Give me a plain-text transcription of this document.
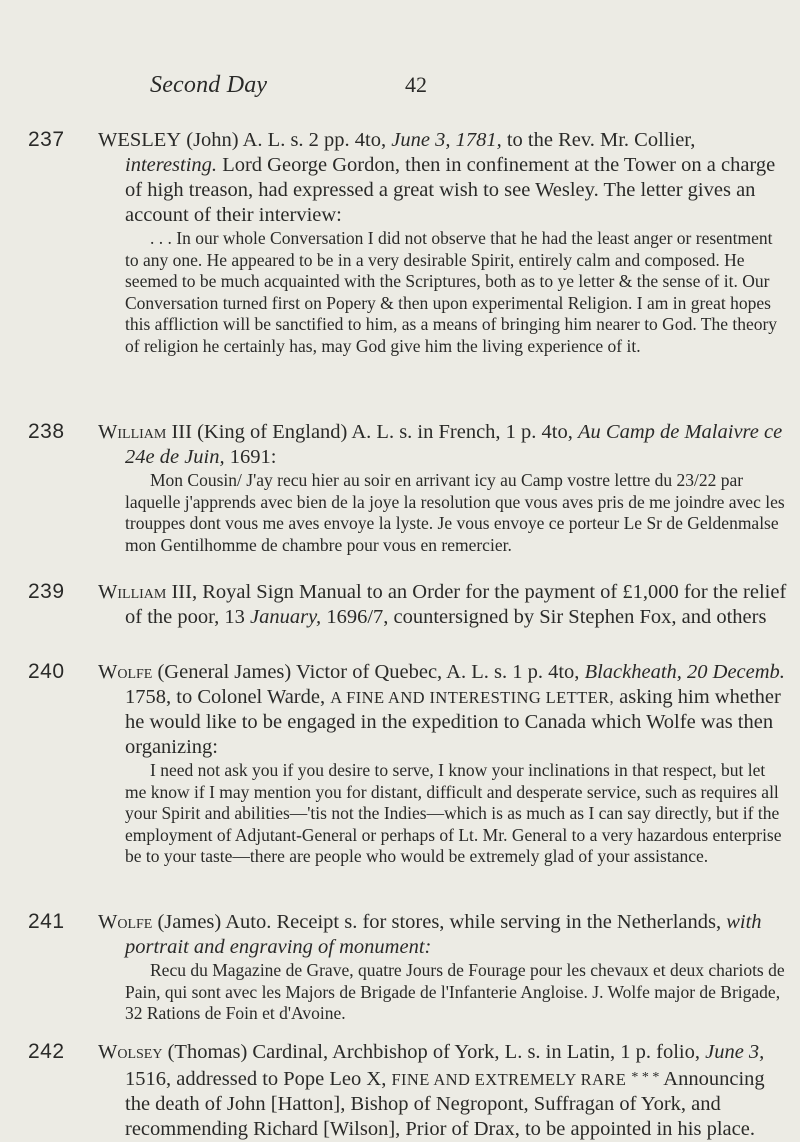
Second Day	42
237 WESLEY (John) A. L. s. 2 pp. 4to, June 3, 1781, to the Rev. Mr. Collier, interesting. Lord George Gordon, then in confinement at the Tower on a charge of high treason, had expressed a great wish to see Wesley. The letter gives an account of their interview:

. . . In our whole Conversation I did not observe that he had the least anger or resentment to any one. He appeared to be in a very desirable Spirit, entirely calm and composed. He seemed to be much acquainted with the Scriptures, both as to ye letter & the sense of it. Our Conversation turned first on Popery & then upon experimental Religion. I am in great hopes this affliction will be sanctified to him, as a means of bringing him nearer to God. The theory of religion he certainly has, may God give him the living experience of it.

238 William III (King of England) A. L. s. in French, 1 p. 4to, Au Camp de Malaivre ce 24e de Juin, 1691:

Mon Cousin/ J'ay recu hier au soir en arrivant icy au Camp vostre lettre du 23/22 par laquelle j'apprends avec bien de la joye la resolution que vous aves pris de me joindre avec les trouppes dont vous me aves envoye la lyste. Je vous envoye ce porteur Le Sr de Geldenmalse mon Gentilhomme de chambre pour vous en remercier.

239 William III, Royal Sign Manual to an Order for the payment of £1,000 for the relief of the poor, 13 January, 1696/7, countersigned by Sir Stephen Fox, and others

240 Wolfe (General James) Victor of Quebec, A. L. s. 1 p. 4to, Blackheath, 20 Decemb. 1758, to Colonel Warde, A FINE AND INTERESTING LETTER, asking him whether he would like to be engaged in the expedition to Canada which Wolfe was then organizing:

I need not ask you if you desire to serve, I know your inclinations in that respect, but let me know if I may mention you for distant, difficult and desperate service, such as requires all your Spirit and abilities—'tis not the Indies—which is as much as I can say directly, but if the employment of Adjutant-General or perhaps of Lt. Mr. General to a very hazardous enterprise be to your taste—there are people who would be extremely glad of your assistance.

241 Wolfe (James) Auto. Receipt s. for stores, while serving in the Netherlands, with portrait and engraving of monument:

Recu du Magazine de Grave, quatre Jours de Fourage pour les chevaux et deux chariots de Pain, qui sont avec les Majors de Brigade de l'Infanterie Angloise. J. Wolfe major de Brigade,

32 Rations de Foin et d'Avoine.

242 Wolsey (Thomas) Cardinal, Archbishop of York, L. s. in Latin, 1 p. folio, June 3, 1516, addressed to Pope Leo X, FINE AND EXTREMELY RARE * * * Announcing the death of John [Hatton], Bishop of Negropont, Suffragan of York, and recommending Richard [Wilson], Prior of Drax, to be appointed in his place.
